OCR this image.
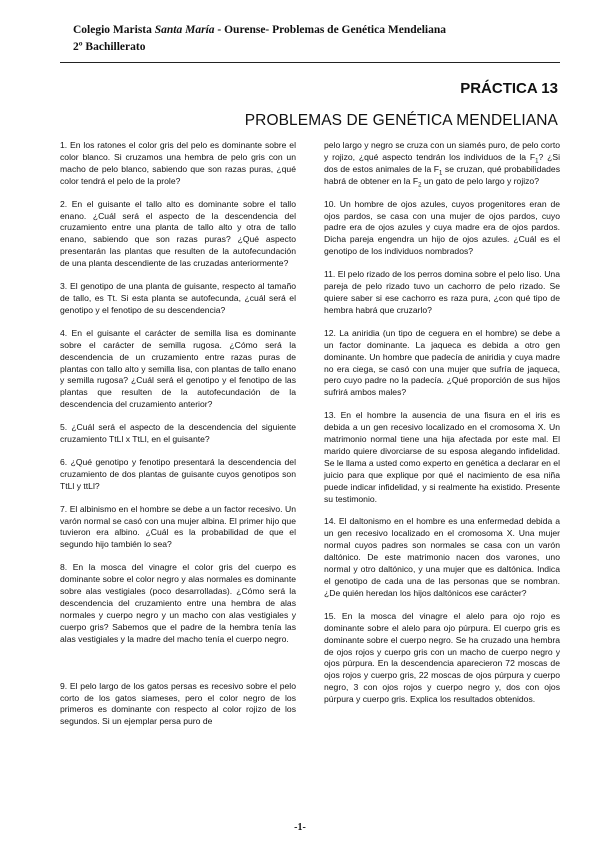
Colegio Marista Santa María - Ourense- Problemas de Genética Mendeliana
2º Bachillerato
PRÁCTICA 13
PROBLEMAS DE GENÉTICA MENDELIANA

1. En los ratones el color gris del pelo es dominante sobre el color blanco. Si cruzamos una hembra de pelo gris con un macho de pelo blanco, sabiendo que son razas puras, ¿qué color tendrá el pelo de la prole?

2. En el guisante el tallo alto es dominante sobre el tallo enano. ¿Cuál será el aspecto de la descendencia del cruzamiento entre una planta de tallo alto y otra de tallo enano, sabiendo que son razas puras? ¿Qué aspecto presentarán las plantas que resulten de la autofecundación de una planta descendiente de las cruzadas anteriormente?

3. El genotipo de una planta de guisante, respecto al tamaño de tallo, es Tt. Si esta planta se autofecunda, ¿cuál será el genotipo y el fenotipo de su descendencia?

4. En el guisante el carácter de semilla lisa es dominante sobre el carácter de semilla rugosa. ¿Cómo será la descendencia de un cruzamiento entre razas puras de plantas con tallo alto y semilla lisa, con plantas de tallo enano y semilla rugosa? ¿Cuál será el genotipo y el fenotipo de las plantas que resulten de la autofecundación de la descendencia del cruzamiento anterior?

5. ¿Cuál será el aspecto de la descendencia del siguiente cruzamiento TtLl x TtLl, en el guisante?

6. ¿Qué genotipo y fenotipo presentará la descendencia del cruzamiento de dos plantas de guisante cuyos genotipos son TtLl y ttLl?

7. El albinismo en el hombre se debe a un factor recesivo. Un varón normal se casó con una mujer albina. El primer hijo que tuvieron era albino. ¿Cuál es la probabilidad de que el segundo hijo también lo sea?

8. En la mosca del vinagre el color gris del cuerpo es dominante sobre el color negro y alas normales es dominante sobre alas vestigiales (poco desarrolladas). ¿Cómo será la descendencia del cruzamiento entre una hembra de alas normales y cuerpo negro y un macho con alas vestigiales y cuerpo gris? Sabemos que el padre de la hembra tenía las alas vestigiales y la madre del macho tenía el cuerpo negro.

9. El pelo largo de los gatos persas es recesivo sobre el pelo corto de los gatos siameses, pero el color negro de los primeros es dominante con respecto al color rojizo de los segundos. Si un ejemplar persa puro de

pelo largo y negro se cruza con un siamés puro, de pelo corto y rojizo, ¿qué aspecto tendrán los individuos de la $F_1$? ¿Si dos de estos animales de la $F_1$ se cruzan, qué probabilidades habrá de obtener en la $F_2$ un gato de pelo largo y rojizo?

10. Un hombre de ojos azules, cuyos progenitores eran de ojos pardos, se casa con una mujer de ojos pardos, cuyo padre era de ojos azules y cuya madre era de ojos pardos. Dicha pareja engendra un hijo de ojos azules. ¿Cuál es el genotipo de los individuos nombrados?

11. El pelo rizado de los perros domina sobre el pelo liso. Una pareja de pelo rizado tuvo un cachorro de pelo rizado. Se quiere saber si ese cachorro es raza pura, ¿con qué tipo de hembra habrá que cruzarlo?

12. La aniridia (un tipo de ceguera en el hombre) se debe a un factor dominante. La jaqueca es debida a otro gen dominante. Un hombre que padecía de aniridia y cuya madre no era ciega, se casó con una mujer que sufría de jaqueca, pero cuyo padre no la padecía. ¿Qué proporción de sus hijos sufrirá ambos males?

13. En el hombre la ausencia de una fisura en el iris es debida a un gen recesivo localizado en el cromosoma X. Un matrimonio normal tiene una hija afectada por este mal. El marido quiere divorciarse de su esposa alegando infidelidad. Se le llama a usted como experto en genética a declarar en el juicio para que explique por qué el nacimiento de esa niña puede indicar infidelidad, y si realmente ha existido. Presente su testimonio.

14. El daltonismo en el hombre es una enfermedad debida a un gen recesivo localizado en el cromosoma X. Una mujer normal cuyos padres son normales se casa con un varón daltónico. De este matrimonio nacen dos varones, uno normal y otro daltónico, y una mujer que es daltónica. Indica el genotipo de cada una de las personas que se nombran. ¿De quién heredan los hijos daltónicos ese carácter?

15. En la mosca del vinagre el alelo para ojo rojo es dominante sobre el alelo para ojo púrpura. El cuerpo gris es dominante sobre el cuerpo negro. Se ha cruzado una hembra de ojos rojos y cuerpo gris con un macho de cuerpo negro y ojos púrpura. En la descendencia aparecieron 72 moscas de ojos rojos y cuerpo gris, 22 moscas de ojos púrpura y cuerpo negro, 3 con ojos rojos y cuerpo negro y, dos con ojos púrpura y cuerpo gris. Explica los resultados obtenidos.

-1-
